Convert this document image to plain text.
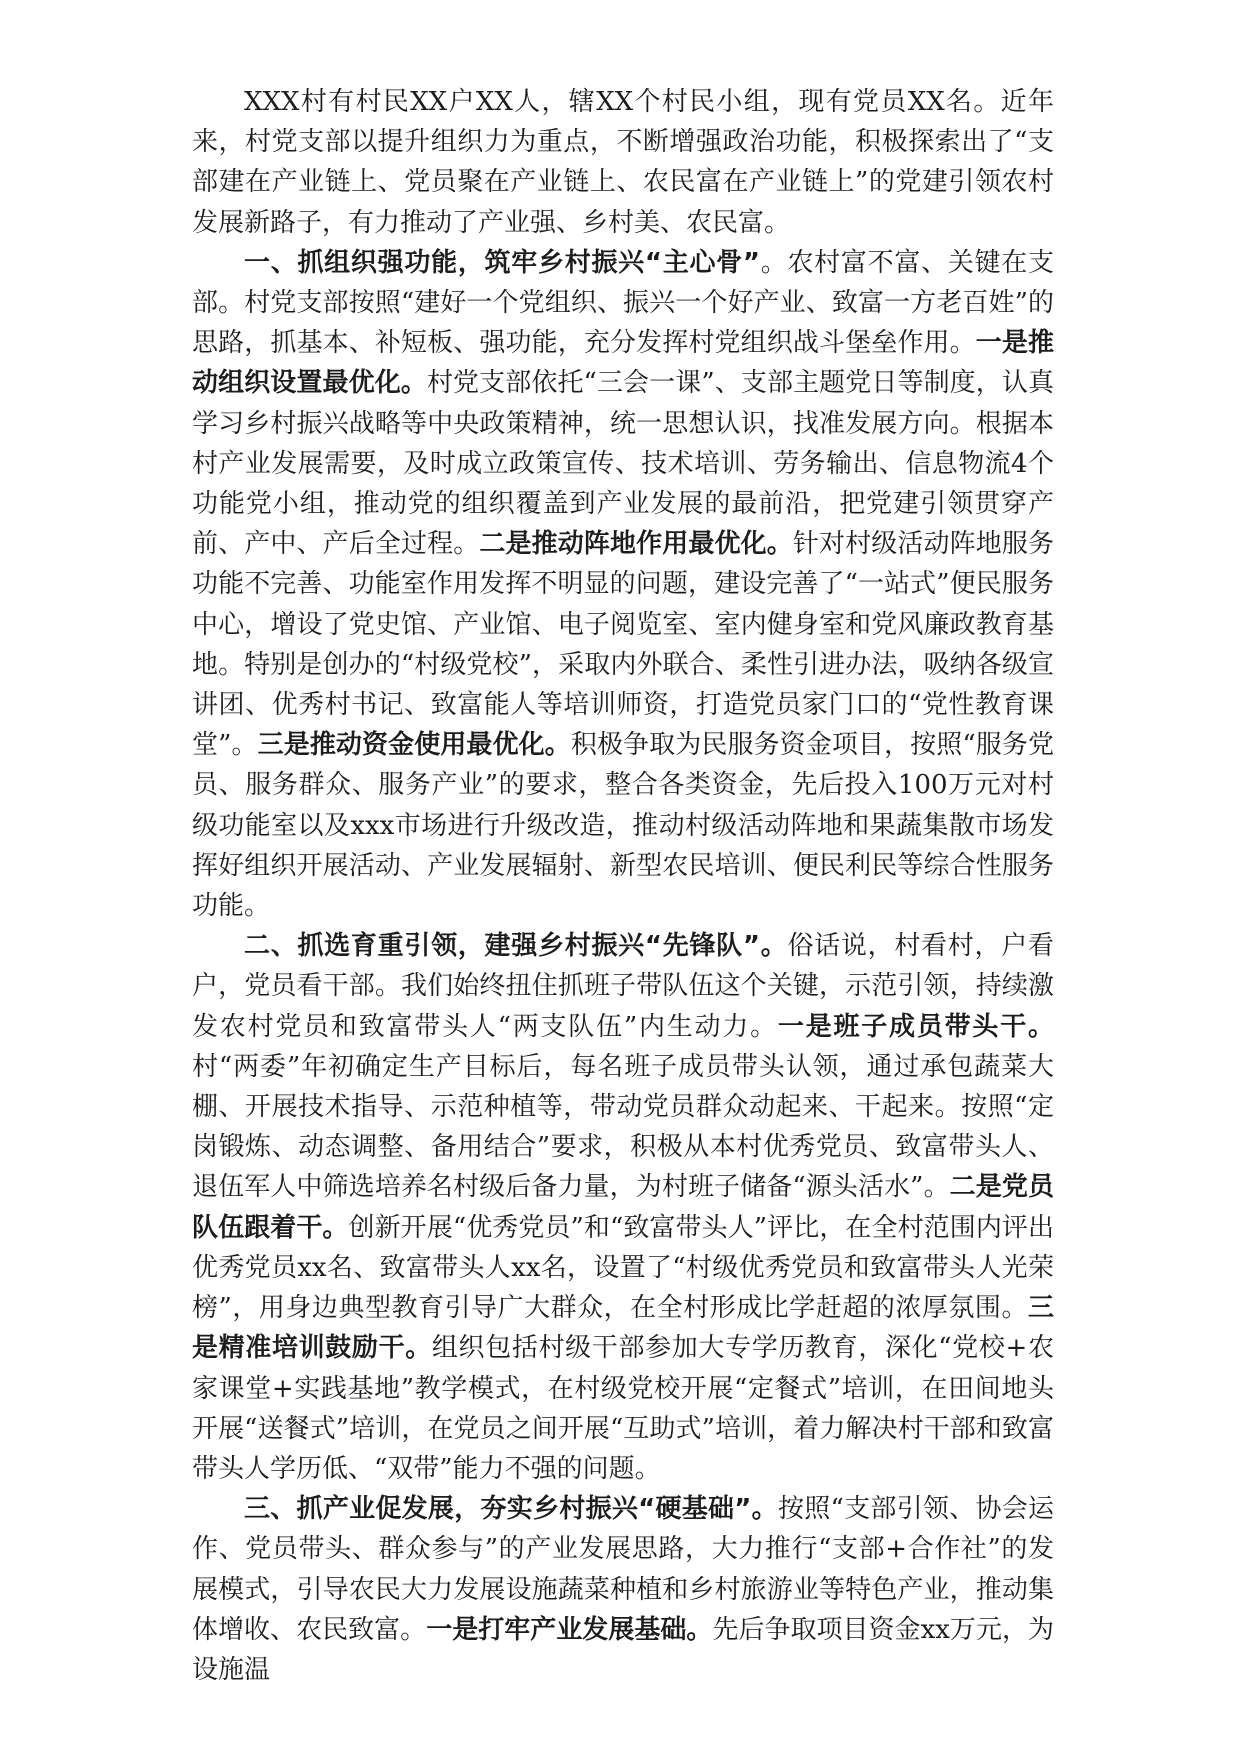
XXX村有村民XX户XX人，辖XX个村民小组，现有党员XX名。近年来，村党支部以提升组织力为重点，不断增强政治功能，积极探索出了“支部建在产业链上、党员聚在产业链上、农民富在产业链上”的党建引领农村发展新路子，有力推动了产业强、乡村美、农民富。

一、抓组织强功能，筑牢乡村振兴“主心骨”。农村富不富、关键在支部。村党支部按照“建好一个党组织、振兴一个好产业、致富一方老百姓”的思路，抓基本、补短板、强功能，充分发挥村党组织战斗堡垒作用。一是推动组织设置最优化。村党支部依托“三会一课”、支部主题党日等制度，认真学习乡村振兴战略等中央政策精神，统一思想认识，找准发展方向。根据本村产业发展需要，及时成立政策宣传、技术培训、劳务输出、信息物流4个功能党小组，推动党的组织覆盖到产业发展的最前沿，把党建引领贯穿产前、产中、产后全过程。二是推动阵地作用最优化。针对村级活动阵地服务功能不完善、功能室作用发挥不明显的问题，建设完善了“一站式”便民服务中心，增设了党史馆、产业馆、电子阅览室、室内健身室和党风廉政教育基地。特别是创办的“村级党校”，采取内外联合、柔性引进办法，吸纳各级宣讲团、优秀村书记、致富能人等培训师资，打造党员家门口的“党性教育课堂”。三是推动资金使用最优化。积极争取为民服务资金项目，按照“服务党员、服务群众、服务产业”的要求，整合各类资金，先后投入100万元对村级功能室以及xxx市场进行升级改造，推动村级活动阵地和果蔬集散市场发挥好组织开展活动、产业发展辐射、新型农民培训、便民利民等综合性服务功能。

二、抓选育重引领，建强乡村振兴“先锋队”。俗话说，村看村，户看户，党员看干部。我们始终扭住抓班子带队伍这个关键，示范引领，持续激发农村党员和致富带头人“两支队伍”内生动力。一是班子成员带头干。村“两委”年初确定生产目标后，每名班子成员带头认领，通过承包蔬菜大棚、开展技术指导、示范种植等，带动党员群众动起来、干起来。按照“定岗锻炼、动态调整、备用结合”要求，积极从本村优秀党员、致富带头人、退伍军人中筛选培养名村级后备力量，为村班子储备“源头活水”。二是党员队伍跟着干。创新开展“优秀党员”和“致富带头人”评比，在全村范围内评出优秀党员xx名、致富带头人xx名，设置了“村级优秀党员和致富带头人光荣榜”，用身边典型教育引导广大群众，在全村形成比学赶超的浓厚氛围。三是精准培训鼓励干。组织包括村级干部参加大专学历教育，深化“党校+农家课堂+实践基地”教学模式，在村级党校开展“定餐式”培训，在田间地头开展“送餐式”培训，在党员之间开展“互助式”培训，着力解决村干部和致富带头人学历低、“双带”能力不强的问题。

三、抓产业促发展，夯实乡村振兴“硬基础”。按照“支部引领、协会运作、党员带头、群众参与”的产业发展思路，大力推行“支部+合作社”的发展模式，引导农民大力发展设施蔬菜种植和乡村旅游业等特色产业，推动集体增收、农民致富。一是打牢产业发展基础。先后争取项目资金xx万元，为设施温
